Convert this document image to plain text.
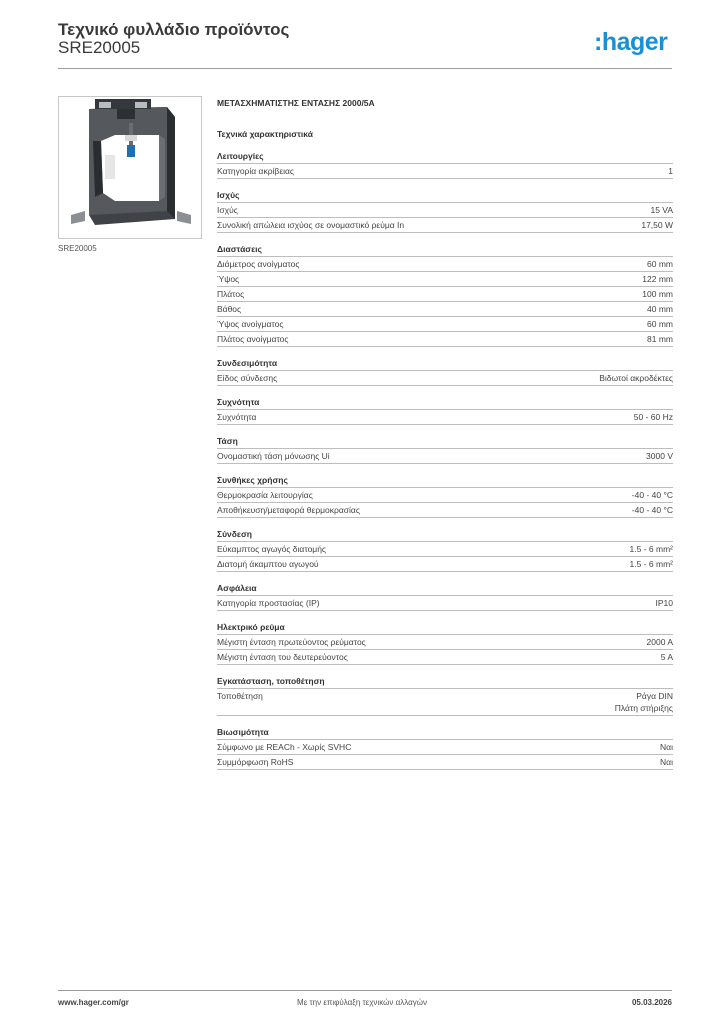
Τεχνικό φυλλάδιο προϊόντος
SRE20005	:hager
SRE20005
ΜΕΤΑΣΧΗΜΑΤΙΣΤΗΣ ΕΝΤΑΣΗΣ 2000/5A
Τεχνικά χαρακτηριστικά
Λειτουργίες
Κατηγορία ακρίβειας	1
Ισχύς
Ισχύς	15 VA
Συνολική απώλεια ισχύος σε ονομαστικό ρεύμα In	17,50 W
Διαστάσεις
Διάμετρος ανοίγματος	60 mm
Ύψος	122 mm
Πλάτος	100 mm
Βάθος	40 mm
Ύψος ανοίγματος	60 mm
Πλάτος ανοίγματος	81 mm
Συνδεσιμότητα
Είδος σύνδεσης	Βιδωτοί ακροδέκτες
Συχνότητα
Συχνότητα	50 - 60 Hz
Τάση
Ονομαστική τάση μόνωσης Ui	3000 V
Συνθήκες χρήσης
Θερμοκρασία λειτουργίας	-40 - 40 °C
Αποθήκευση/μεταφορά θερμοκρασίας	-40 - 40 °C
Σύνδεση
Εύκαμπτος αγωγός διατομής	1.5 - 6 mm²
Διατομή άκαμπτου αγωγού	1.5 - 6 mm²
Ασφάλεια
Κατηγορία προστασίας (IP)	IP10
Ηλεκτρικό ρεύμα
Μέγιστη ένταση πρωτεύοντος ρεύματος	2000 A
Μέγιστη ένταση του δευτερεύοντος	5 A
Εγκατάσταση, τοποθέτηση
Τοποθέτηση	Ράγα DIN
Πλάτη στήριξης
Βιωσιμότητα
Σύμφωνο με REACh - Χωρίς SVHC	Ναι
Συμμόρφωση RoHS	Ναι
www.hager.com/gr	Με την επιφύλαξη τεχνικών αλλαγών	05.03.2026
